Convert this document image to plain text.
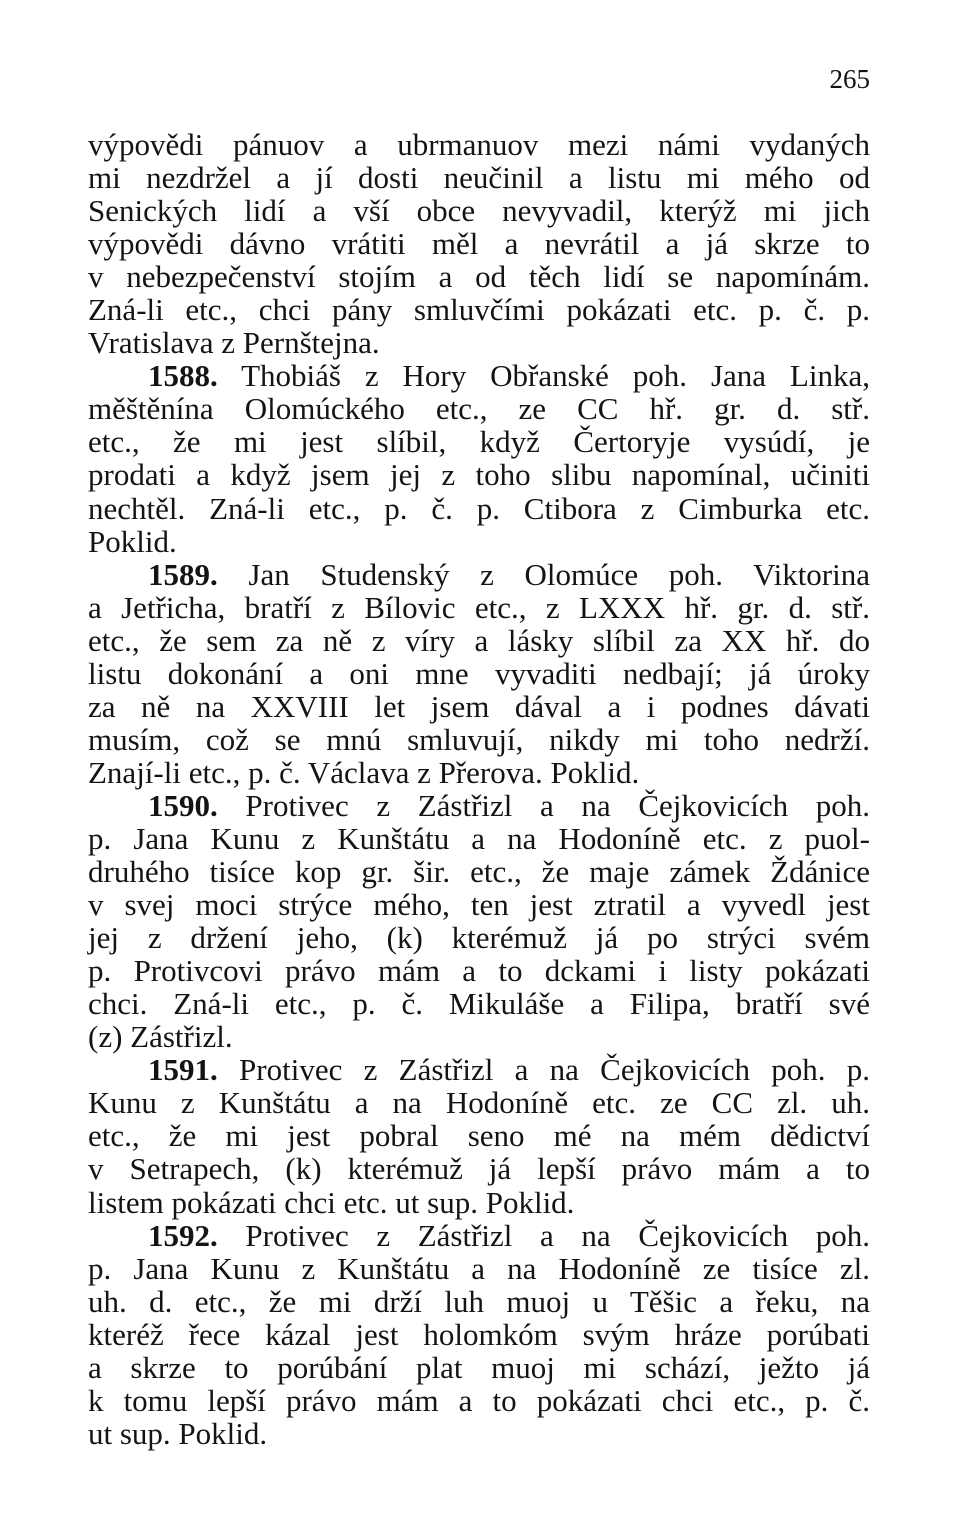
265
výpovědi pánuov a ubrmanuov mezi námi vydaných
mi nezdržel a jí dosti neučinil a listu mi mého od
Senických lidí a vší obce nevyvadil, kterýž mi jich
výpovědi dávno vrátiti měl a nevrátil a já skrze to
v nebezpečenství stojím a od těch lidí se napomínám.
Zná-li etc., chci pány smluvčími pokázati etc. p. č. p.
Vratislava z Pernštejna.
1588. Thobiáš z Hory Obřanské poh. Jana Linka,
měštěnína Olomúckého etc., ze CC hř. gr. d. stř.
etc., že mi jest slíbil, když Čertoryje vysúdí, je
prodati a když jsem jej z toho slibu napomínal, učiniti
nechtěl. Zná-li etc., p. č. p. Ctibora z Cimburka etc.
Poklid.
1589. Jan Studenský z Olomúce poh. Viktorina
a Jetřicha, bratří z Bílovic etc., z LXXX hř. gr. d. stř.
etc., že sem za ně z víry a lásky slíbil za XX hř. do
listu dokonání a oni mne vyvaditi nedbají; já úroky
za ně na XXVIII let jsem dával a i podnes dávati
musím, což se mnú smluvují, nikdy mi toho nedrží.
Znají-li etc., p. č. Václava z Přerova. Poklid.
1590. Protivec z Zástřizl a na Čejkovicích poh.
p. Jana Kunu z Kunštátu a na Hodoníně etc. z puol-
druhého tisíce kop gr. šir. etc., že maje zámek Ždánice
v svej moci strýce mého, ten jest ztratil a vyvedl jest
jej z držení jeho, (k) kterémuž já po strýci svém
p. Protivcovi právo mám a to dckami i listy pokázati
chci. Zná-li etc., p. č. Mikuláše a Filipa, bratří své
(z) Zástřizl.
1591. Protivec z Zástřizl a na Čejkovicích poh. p.
Kunu z Kunštátu a na Hodoníně etc. ze CC zl. uh.
etc., že mi jest pobral seno mé na mém dědictví
v Setrapech, (k) kterémuž já lepší právo mám a to
listem pokázati chci etc. ut sup. Poklid.
1592. Protivec z Zástřizl a na Čejkovicích poh.
p. Jana Kunu z Kunštátu a na Hodoníně ze tisíce zl.
uh. d. etc., že mi drží luh muoj u Těšic a řeku, na
kteréž řece kázal jest holomkóm svým hráze porúbati
a skrze to porúbání plat muoj mi schází, ježto já
k tomu lepší právo mám a to pokázati chci etc., p. č.
ut sup. Poklid.
